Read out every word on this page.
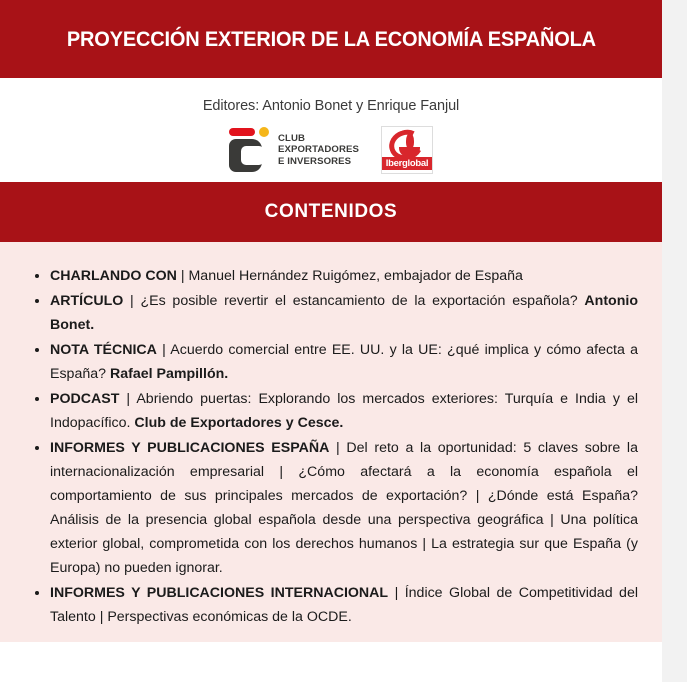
PROYECCIÓN EXTERIOR DE LA ECONOMÍA ESPAÑOLA

Editores: Antonio Bonet y Enrique Fanjul

CLUB
EXPORTADORES
E INVERSORES	Iberglobal
CONTENIDOS
CHARLANDO CON | Manuel Hernández Ruigómez, embajador de España
ARTÍCULO | ¿Es posible revertir el estancamiento de la exportación española? Antonio Bonet.
NOTA TÉCNICA | Acuerdo comercial entre EE. UU. y la UE: ¿qué implica y cómo afecta a España? Rafael Pampillón.
PODCAST | Abriendo puertas: Explorando los mercados exteriores: Turquía e India y el Indopacífico. Club de Exportadores y Cesce.
INFORMES Y PUBLICACIONES ESPAÑA | Del reto a la oportunidad: 5 claves sobre la internacionalización empresarial | ¿Cómo afectará a la economía española el comportamiento de sus principales mercados de exportación? | ¿Dónde está España? Análisis de la presencia global española desde una perspectiva geográfica | Una política exterior global, comprometida con los derechos humanos | La estrategia sur que España (y Europa) no pueden ignorar.
INFORMES Y PUBLICACIONES INTERNACIONAL | Índice Global de Competitividad del Talento | Perspectivas económicas de la OCDE.
